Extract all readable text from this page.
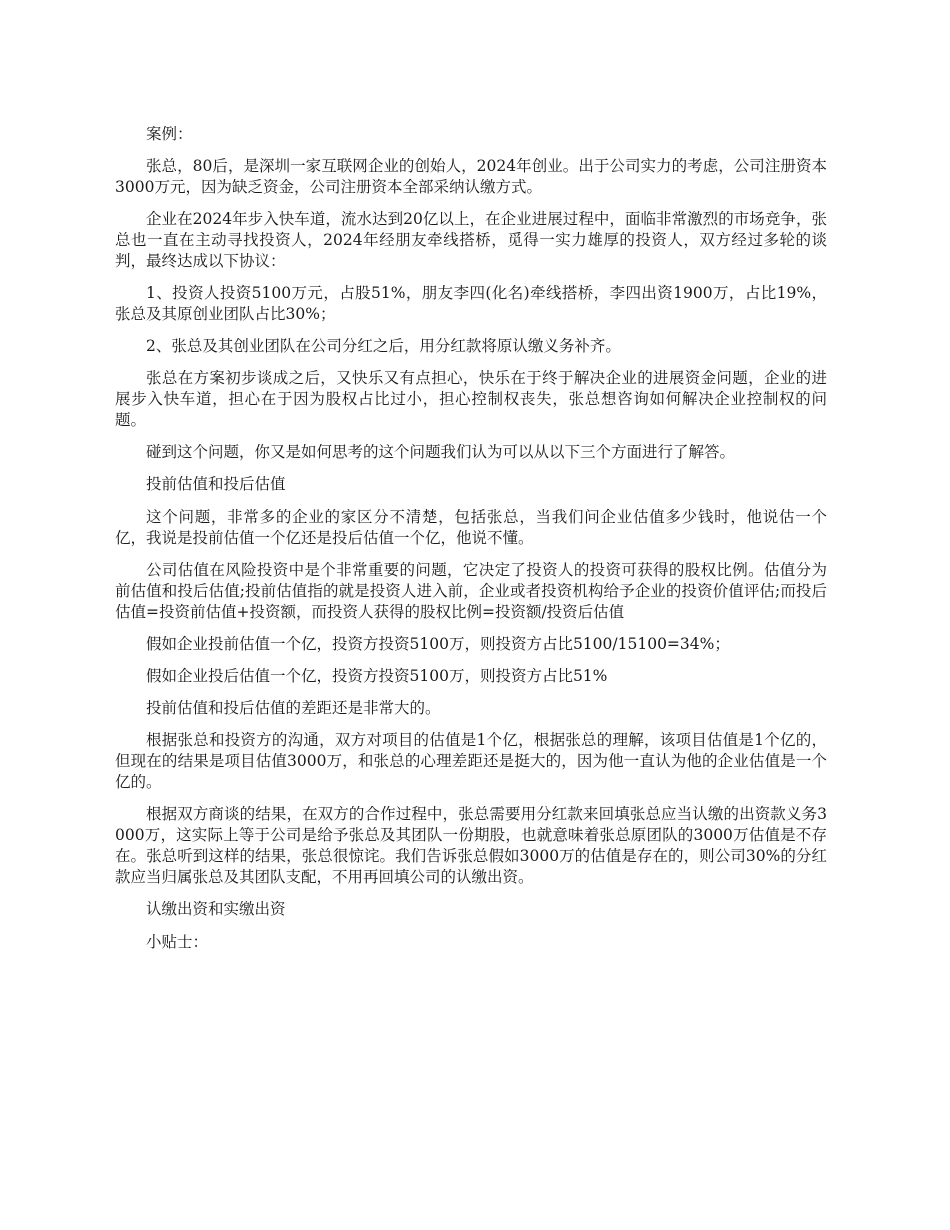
案例：

张总，80后，是深圳一家互联网企业的创始人，2024年创业。出于公司实力的考虑，公司注册资本3000万元，因为缺乏资金，公司注册资本全部采纳认缴方式。

企业在2024年步入快车道，流水达到20亿以上，在企业进展过程中，面临非常激烈的市场竞争，张总也一直在主动寻找投资人，2024年经朋友牵线搭桥，觅得一实力雄厚的投资人，双方经过多轮的谈判，最终达成以下协议：

1、投资人投资5100万元，占股51%，朋友李四(化名)牵线搭桥，李四出资1900万，占比19%，张总及其原创业团队占比30%；

2、张总及其创业团队在公司分红之后，用分红款将原认缴义务补齐。

张总在方案初步谈成之后，又快乐又有点担心，快乐在于终于解决企业的进展资金问题，企业的进展步入快车道，担心在于因为股权占比过小，担心控制权丧失，张总想咨询如何解决企业控制权的问题。

碰到这个问题，你又是如何思考的这个问题我们认为可以从以下三个方面进行了解答。

投前估值和投后估值

这个问题，非常多的企业的家区分不清楚，包括张总，当我们问企业估值多少钱时，他说估一个亿，我说是投前估值一个亿还是投后估值一个亿，他说不懂。

公司估值在风险投资中是个非常重要的问题，它决定了投资人的投资可获得的股权比例。估值分为前估值和投后估值;投前估值指的就是投资人进入前，企业或者投资机构给予企业的投资价值评估;而投后估值=投资前估值+投资额，而投资人获得的股权比例=投资额/投资后估值

假如企业投前估值一个亿，投资方投资5100万，则投资方占比5100/15100=34%；

假如企业投后估值一个亿，投资方投资5100万，则投资方占比51%

投前估值和投后估值的差距还是非常大的。

根据张总和投资方的沟通，双方对项目的估值是1个亿，根据张总的理解，该项目估值是1个亿的，但现在的结果是项目估值3000万，和张总的心理差距还是挺大的，因为他一直认为他的企业估值是一个亿的。

根据双方商谈的结果，在双方的合作过程中，张总需要用分红款来回填张总应当认缴的出资款义务3000万，这实际上等于公司是给予张总及其团队一份期股，也就意味着张总原团队的3000万估值是不存在。张总听到这样的结果，张总很惊诧。我们告诉张总假如3000万的估值是存在的，则公司30%的分红款应当归属张总及其团队支配，不用再回填公司的认缴出资。

认缴出资和实缴出资

小贴士：
